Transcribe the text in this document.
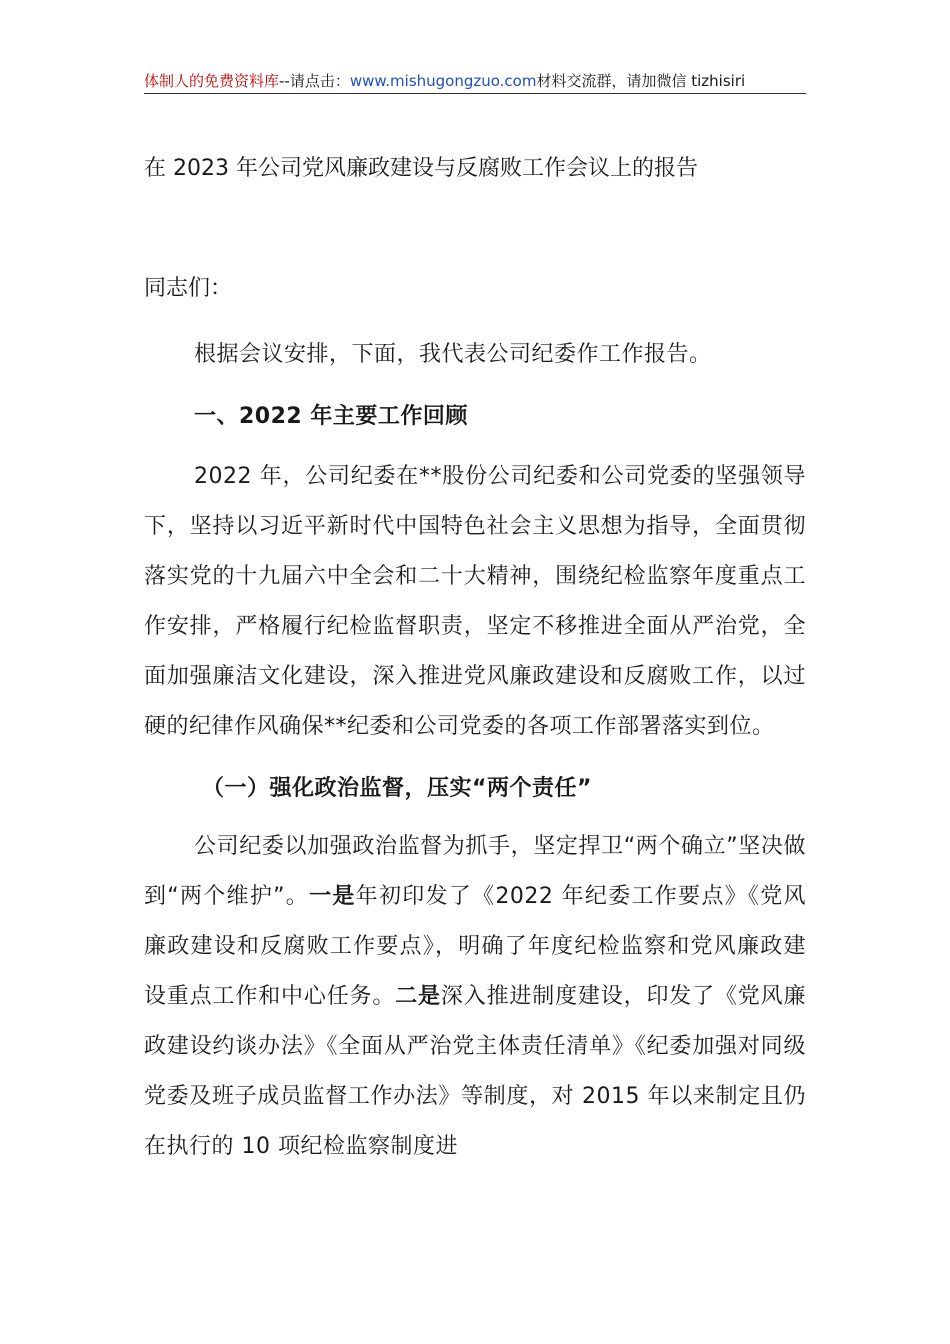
体制人的免费资料库--请点击：www.mishugongzuo.com材料交流群，请加微信 tizhisiri
在 2023 年公司党风廉政建设与反腐败工作会议上的报告
同志们：

根据会议安排，下面，我代表公司纪委作工作报告。

一、2022 年主要工作回顾

2022 年，公司纪委在**股份公司纪委和公司党委的坚强领导下，坚持以习近平新时代中国特色社会主义思想为指导，全面贯彻落实党的十九届六中全会和二十大精神，围绕纪检监察年度重点工作安排，严格履行纪检监督职责，坚定不移推进全面从严治党，全面加强廉洁文化建设，深入推进党风廉政建设和反腐败工作，以过硬的纪律作风确保**纪委和公司党委的各项工作部署落实到位。

（一）强化政治监督，压实“两个责任”

公司纪委以加强政治监督为抓手，坚定捍卫“两个确立”坚决做到“两个维护”。一是年初印发了《2022 年纪委工作要点》《党风廉政建设和反腐败工作要点》，明确了年度纪检监察和党风廉政建设重点工作和中心任务。二是深入推进制度建设，印发了《党风廉政建设约谈办法》《全面从严治党主体责任清单》《纪委加强对同级党委及班子成员监督工作办法》等制度，对 2015 年以来制定且仍在执行的 10 项纪检监察制度进
